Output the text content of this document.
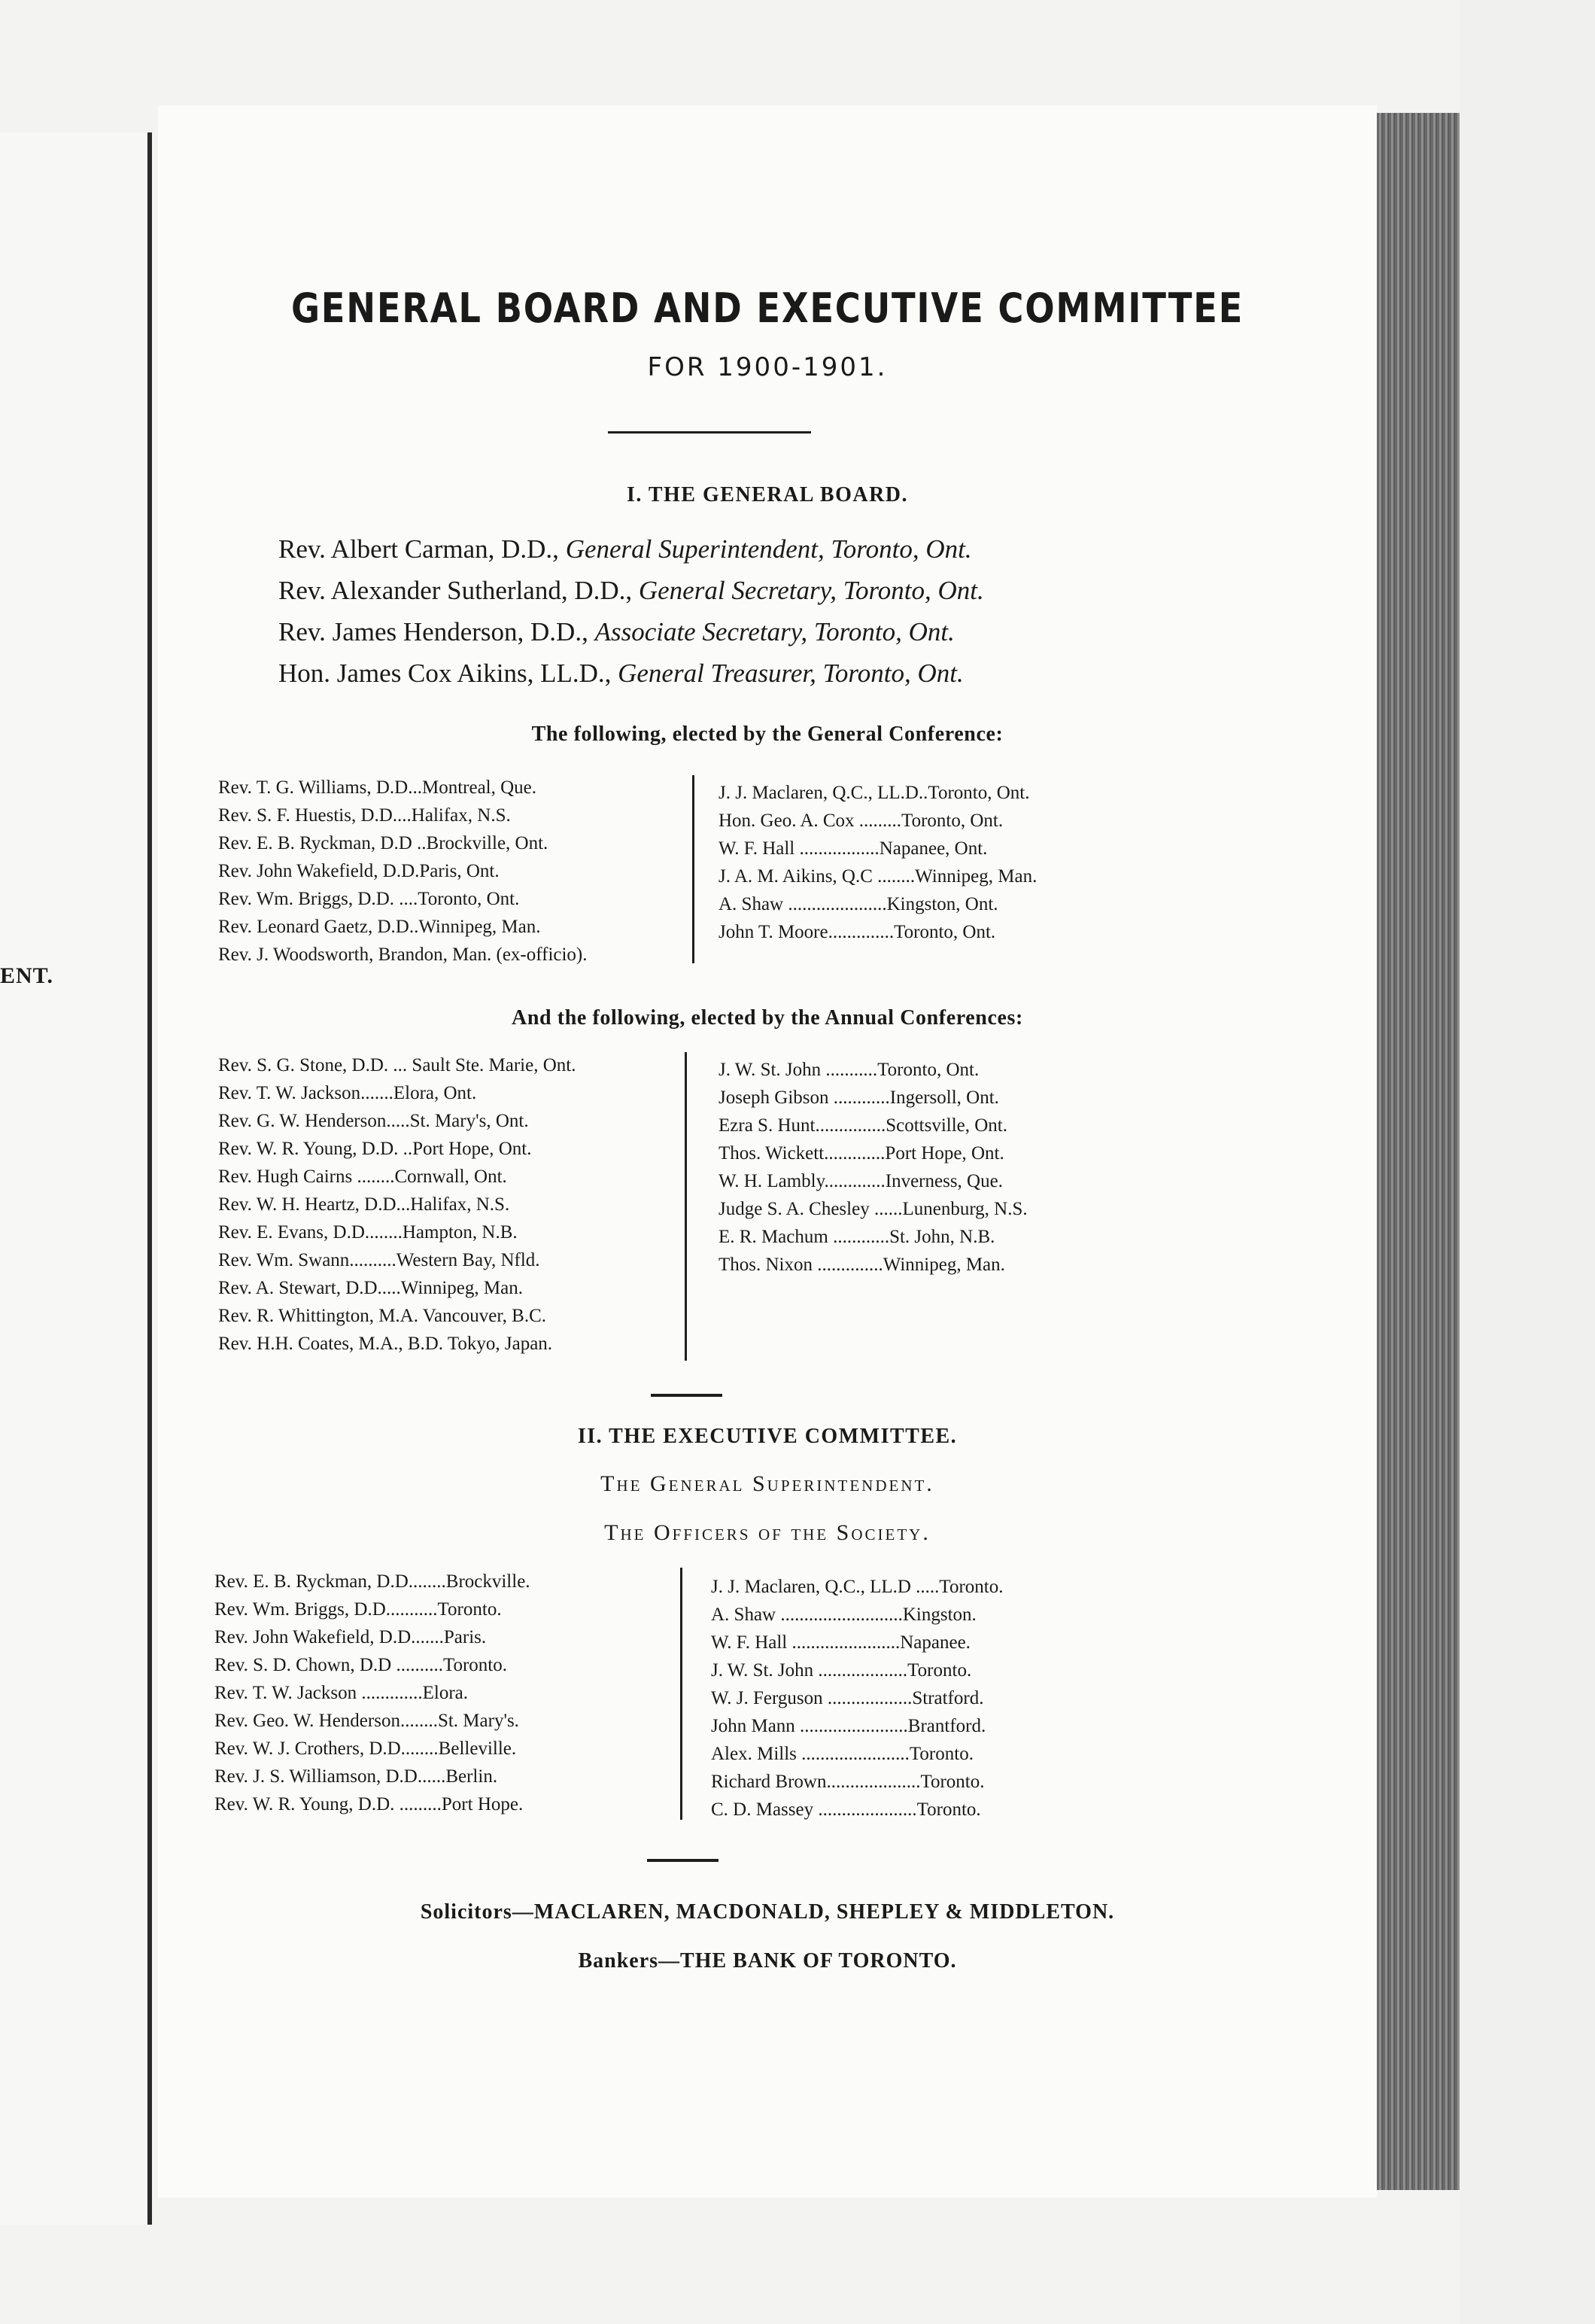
ENT.
GENERAL BOARD AND EXECUTIVE COMMITTEE
FOR 1900-1901.
I. THE GENERAL BOARD.
Rev. Albert Carman, D.D., General Superintendent, Toronto, Ont.
Rev. Alexander Sutherland, D.D., General Secretary, Toronto, Ont.
Rev. James Henderson, D.D., Associate Secretary, Toronto, Ont.
Hon. James Cox Aikins, LL.D., General Treasurer, Toronto, Ont.
The following, elected by the General Conference:
Rev. T. G. Williams, D.D...Montreal, Que.
Rev. S. F. Huestis, D.D....Halifax, N.S.
Rev. E. B. Ryckman, D.D ..Brockville, Ont.
Rev. John Wakefield, D.D.Paris, Ont.
Rev. Wm. Briggs, D.D. ....Toronto, Ont.
Rev. Leonard Gaetz, D.D..Winnipeg, Man.
Rev. J. Woodsworth, Brandon, Man. (ex-officio).
J. J. Maclaren, Q.C., LL.D..Toronto, Ont.
Hon. Geo. A. Cox .........Toronto, Ont.
W. F. Hall .................Napanee, Ont.
J. A. M. Aikins, Q.C ........Winnipeg, Man.
A. Shaw .....................Kingston, Ont.
John T. Moore..............Toronto, Ont.
And the following, elected by the Annual Conferences:
Rev. S. G. Stone, D.D. ... Sault Ste. Marie, Ont.
Rev. T. W. Jackson.......Elora, Ont.
Rev. G. W. Henderson.....St. Mary's, Ont.
Rev. W. R. Young, D.D. ..Port Hope, Ont.
Rev. Hugh Cairns ........Cornwall, Ont.
Rev. W. H. Heartz, D.D...Halifax, N.S.
Rev. E. Evans, D.D........Hampton, N.B.
Rev. Wm. Swann..........Western Bay, Nfld.
Rev. A. Stewart, D.D.....Winnipeg, Man.
Rev. R. Whittington, M.A. Vancouver, B.C.
Rev. H.H. Coates, M.A., B.D. Tokyo, Japan.
J. W. St. John ...........Toronto, Ont.
Joseph Gibson ............Ingersoll, Ont.
Ezra S. Hunt...............Scottsville, Ont.
Thos. Wickett.............Port Hope, Ont.
W. H. Lambly.............Inverness, Que.
Judge S. A. Chesley ......Lunenburg, N.S.
E. R. Machum ............St. John, N.B.
Thos. Nixon ..............Winnipeg, Man.
II. THE EXECUTIVE COMMITTEE.
The General Superintendent.
The Officers of the Society.
Rev. E. B. Ryckman, D.D........Brockville.
Rev. Wm. Briggs, D.D...........Toronto.
Rev. John Wakefield, D.D.......Paris.
Rev. S. D. Chown, D.D ..........Toronto.
Rev. T. W. Jackson .............Elora.
Rev. Geo. W. Henderson........St. Mary's.
Rev. W. J. Crothers, D.D........Belleville.
Rev. J. S. Williamson, D.D......Berlin.
Rev. W. R. Young, D.D. .........Port Hope.
J. J. Maclaren, Q.C., LL.D .....Toronto.
A. Shaw ..........................Kingston.
W. F. Hall .......................Napanee.
J. W. St. John ...................Toronto.
W. J. Ferguson ..................Stratford.
John Mann .......................Brantford.
Alex. Mills .......................Toronto.
Richard Brown....................Toronto.
C. D. Massey .....................Toronto.
Solicitors—MACLAREN, MACDONALD, SHEPLEY & MIDDLETON.
Bankers—THE BANK OF TORONTO.
